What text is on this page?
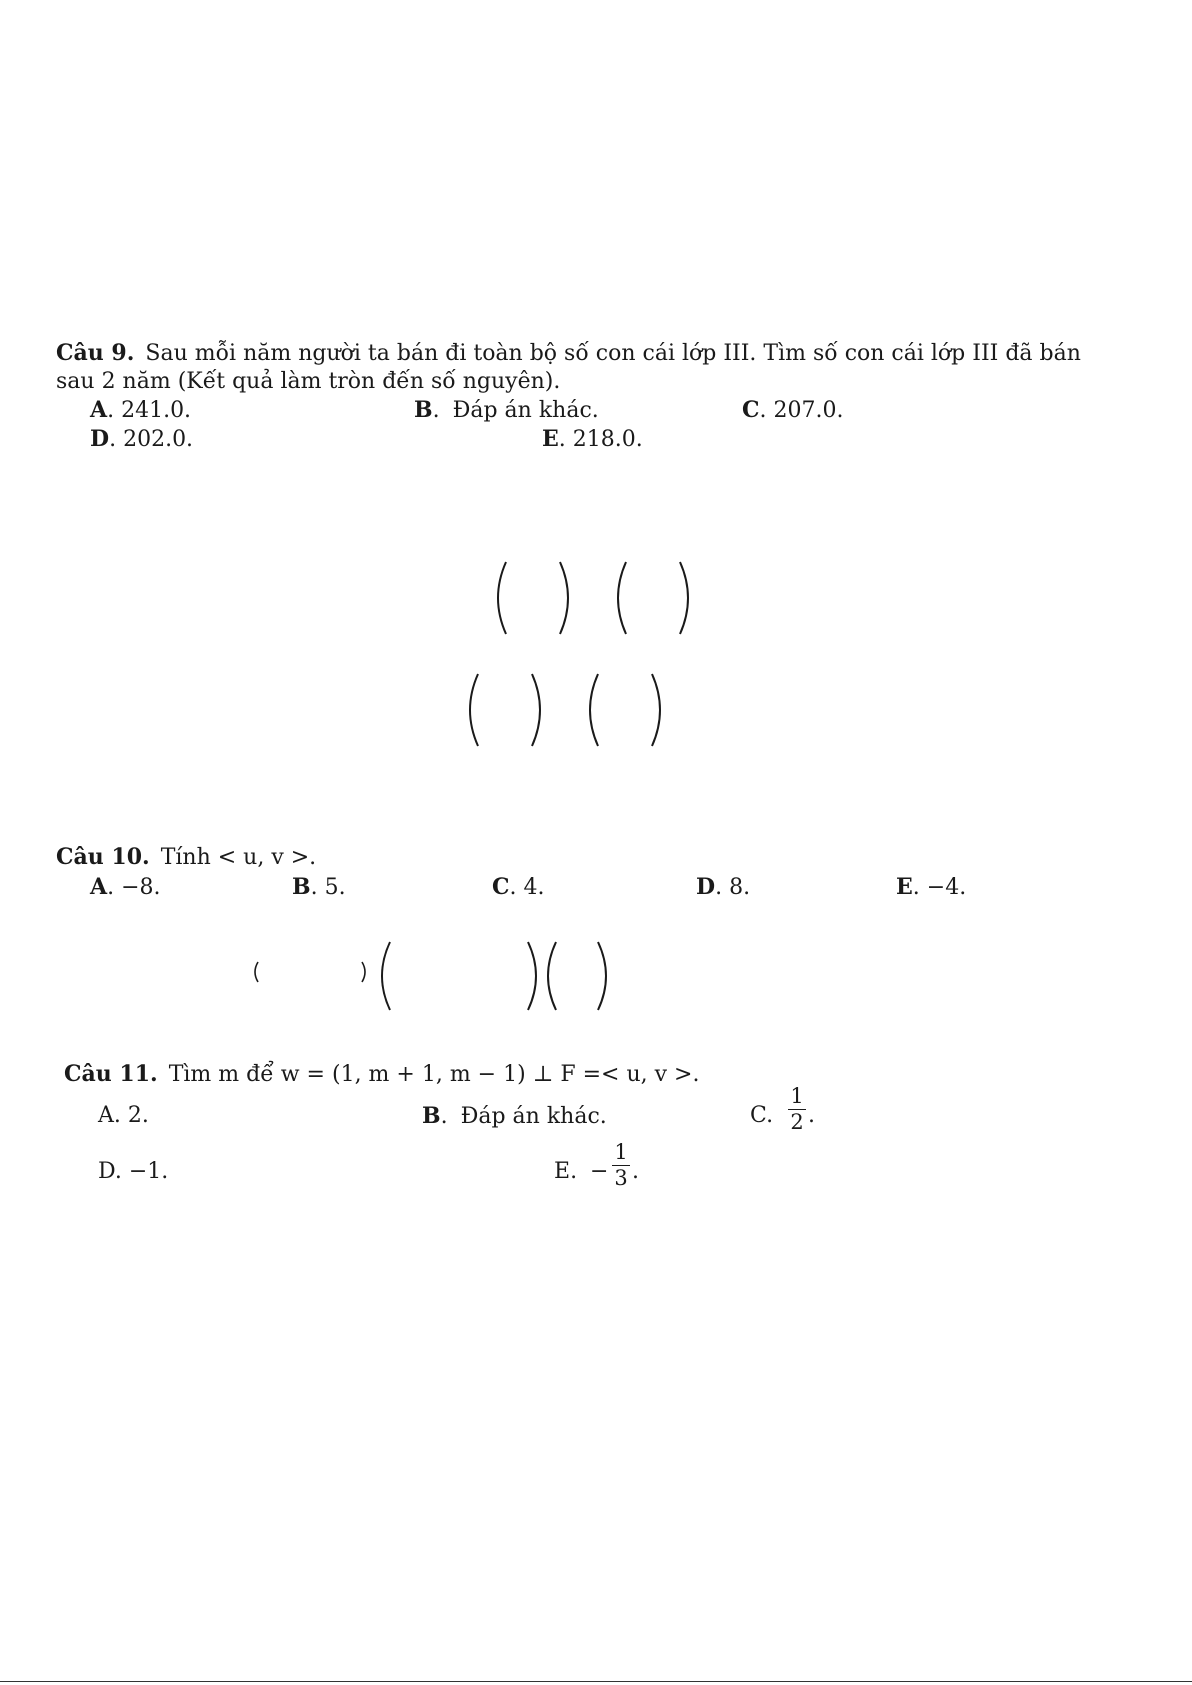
Câu 9. Sau mỗi năm người ta bán đi toàn bộ số con cái lớp III. Tìm số con cái lớp III đã bán
sau 2 năm (Kết quả làm tròn đến số nguyên).
A. 241.0.	B. Đáp án khác.	C. 207.0.
D. 202.0.	E. 218.0.
Câu 10. Tính < u, v >.
A. −8.	B. 5.	C. 4.	D. 8.	E. −4.
Câu 11. Tìm m để w = (1, m + 1, m − 1) ⊥ F =< u, v >.
A. 2.	B. Đáp án khác.	C.
1
2 .
D. −1.	E. −
1
3 .
